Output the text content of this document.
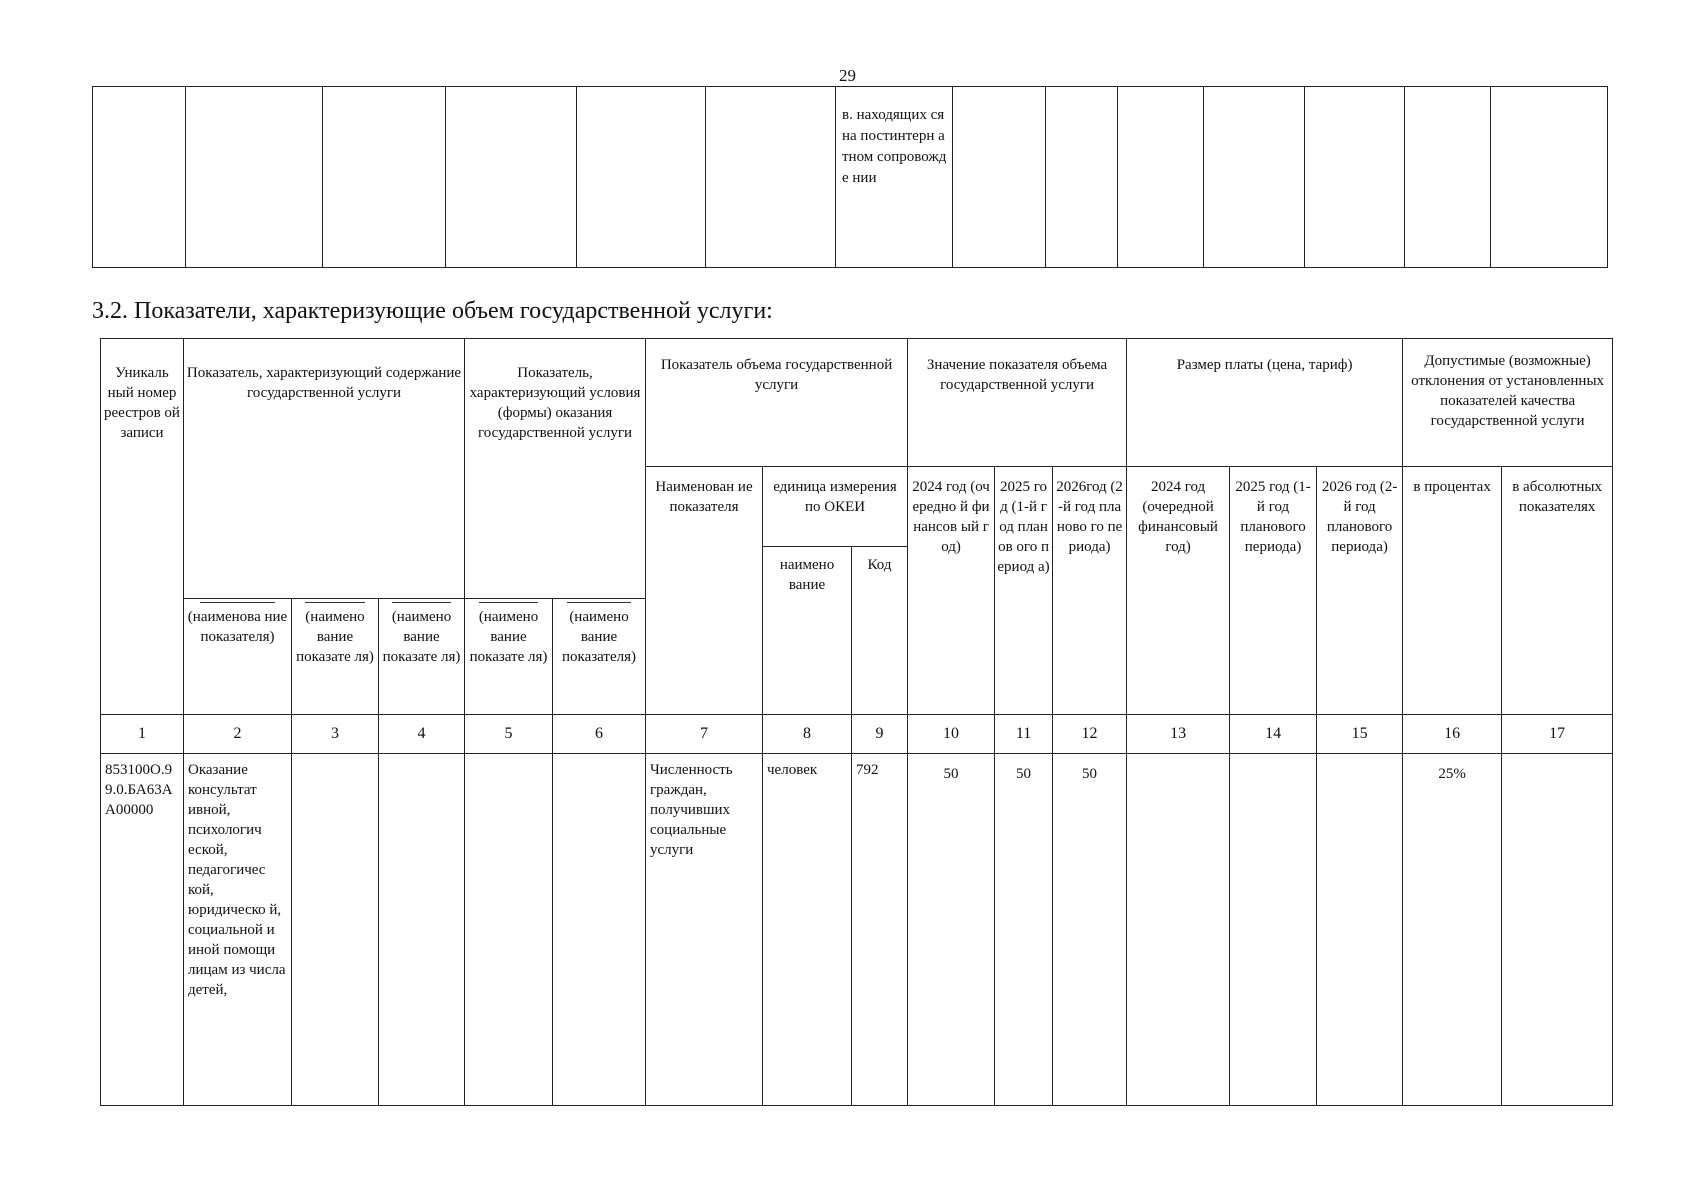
29

в. находящих ся на постинтерн атном сопровожде нии

3.2. Показатели, характеризующие объем государственной услуги:
Уникаль ный номер реестров ой записи	Показатель, характеризующий содержание государственной услуги			Показатель, характеризующий условия (формы) оказания государственной услуги		Показатель объема государственной услуги			Значение показателя объема государственной услуги			Размер платы (цена, тариф)			Допустимые (возможные) отклонения от установленных показателей качества государственной услуги	
						Наименован ие показателя	единица измерения по ОКЕИ		2024 год (очередно й финансов ый год)	2025 год (1-й год планов ого период а)	2026год (2-й год планово го периода)	2024 год (очередной финансовый год)	2025 год (1-й год планового периода)	2026 год (2-й год планового периода)	в процентах	в абсолютных показателях
							наимено вание	Код								

(наименова ние показателя)	(наимено вание показате ля)	(наимено вание показате ля)	(наимено вание показате ля)	(наимено вание показателя)											
1	2	3	4	5	6	7	8	9	10	11	12	13	14	15	16	17
853100О.99.0.БА63АА00000	Оказание консультат ивной, психологич еской, педагогичес кой, юридическо й, социальной и иной помощи лицам из числа детей,					Численность граждан, получивших социальные услуги	человек	792	50	50	50				25%	
